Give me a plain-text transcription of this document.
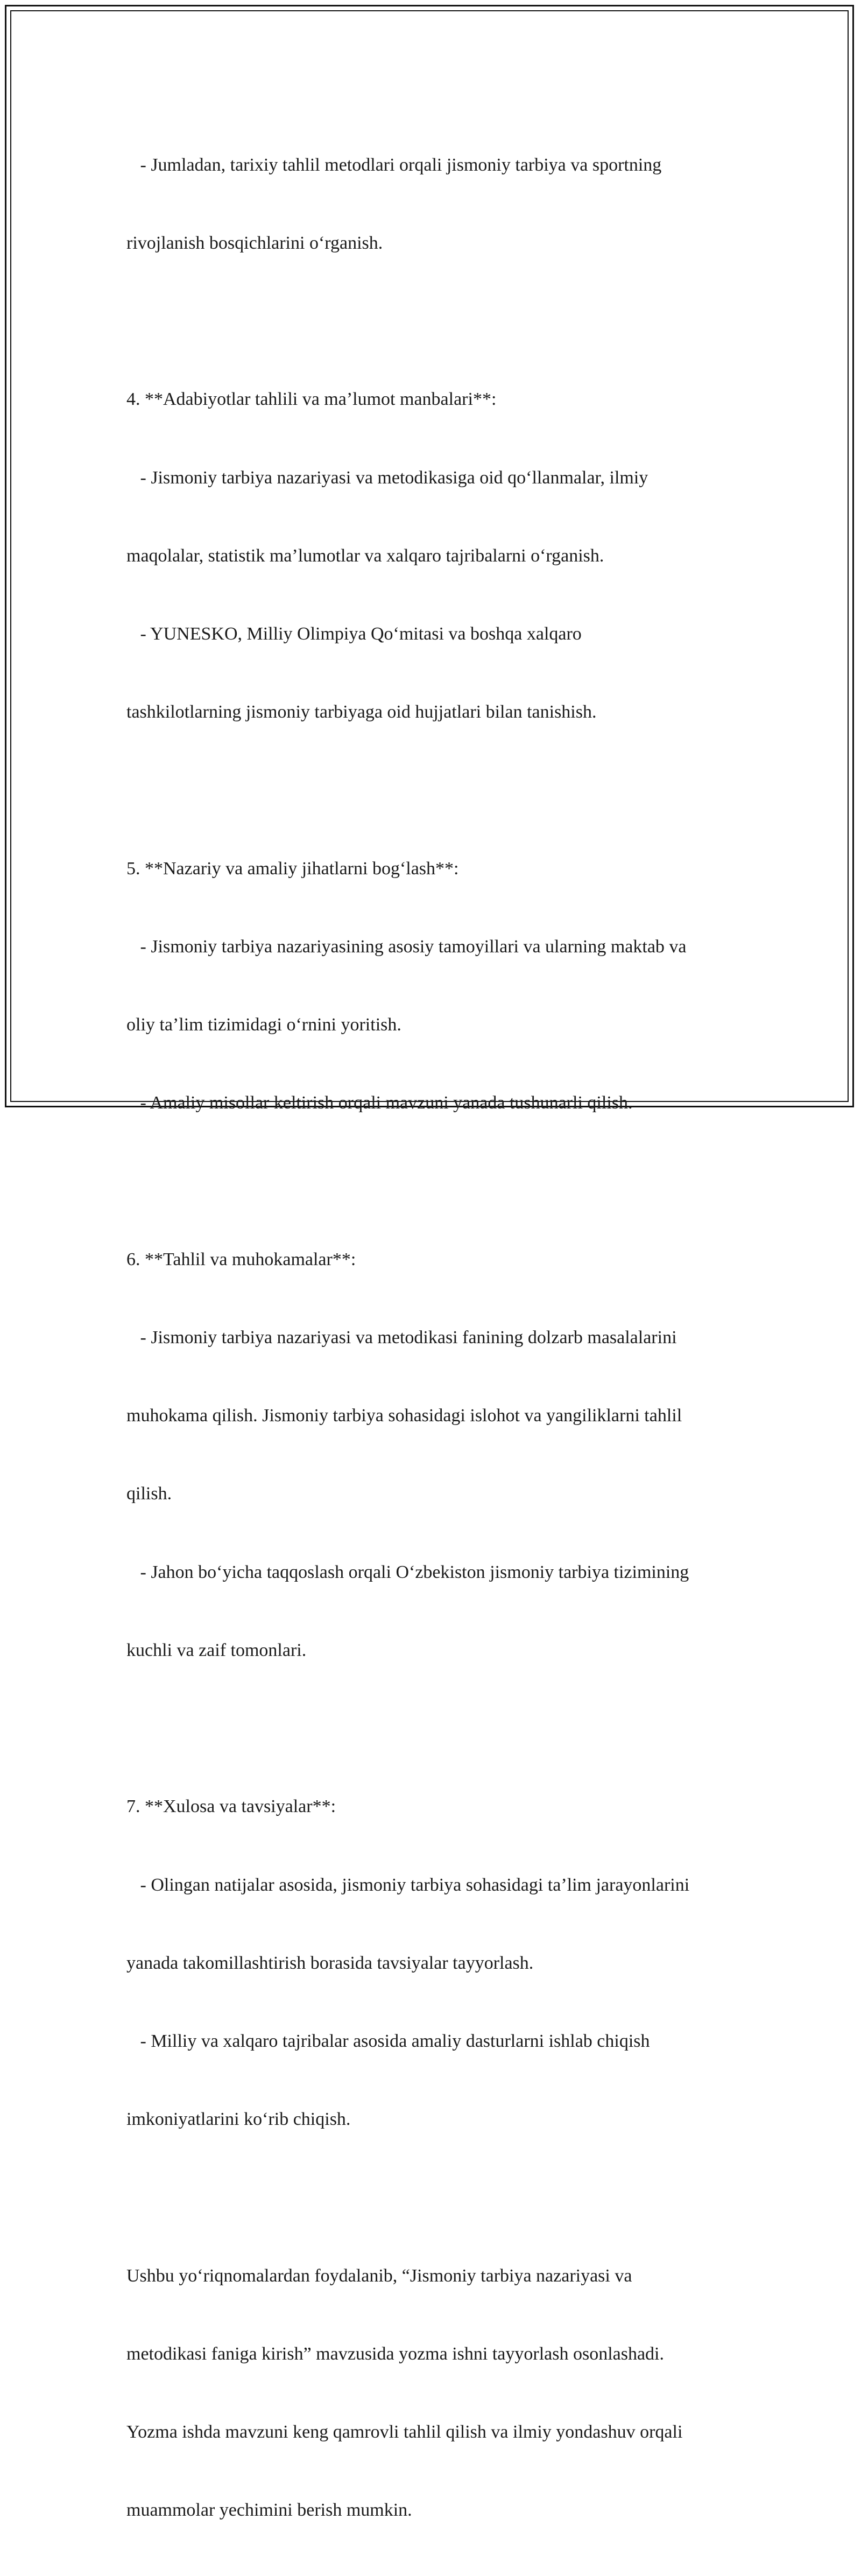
- Jumladan, tarixiy tahlil metodlari orqali jismoniy tarbiya va sportning

rivojlanish bosqichlarini o‘rganish.

4. **Adabiyotlar tahlili va ma’lumot manbalari**:

- Jismoniy tarbiya nazariyasi va metodikasiga oid qo‘llanmalar, ilmiy

maqolalar, statistik ma’lumotlar va xalqaro tajribalarni o‘rganish.

- YUNESKO, Milliy Olimpiya Qo‘mitasi va boshqa xalqaro

tashkilotlarning jismoniy tarbiyaga oid hujjatlari bilan tanishish.

5. **Nazariy va amaliy jihatlarni bog‘lash**:

- Jismoniy tarbiya nazariyasining asosiy tamoyillari va ularning maktab va

oliy ta’lim tizimidagi o‘rnini yoritish.

- Amaliy misollar keltirish orqali mavzuni yanada tushunarli qilish.

6. **Tahlil va muhokamalar**:

- Jismoniy tarbiya nazariyasi va metodikasi fanining dolzarb masalalarini

muhokama qilish. Jismoniy tarbiya sohasidagi islohot va yangiliklarni tahlil

qilish.

- Jahon bo‘yicha taqqoslash orqali O‘zbekiston jismoniy tarbiya tizimining

kuchli va zaif tomonlari.

7. **Xulosa va tavsiyalar**:

- Olingan natijalar asosida, jismoniy tarbiya sohasidagi ta’lim jarayonlarini

yanada takomillashtirish borasida tavsiyalar tayyorlash.

- Milliy va xalqaro tajribalar asosida amaliy dasturlarni ishlab chiqish

imkoniyatlarini ko‘rib chiqish.

Ushbu yo‘riqnomalardan foydalanib, “Jismoniy tarbiya nazariyasi va

metodikasi faniga kirish” mavzusida yozma ishni tayyorlash osonlashadi.

Yozma ishda mavzuni keng qamrovli tahlil qilish va ilmiy yondashuv orqali

muammolar yechimini berish mumkin.
